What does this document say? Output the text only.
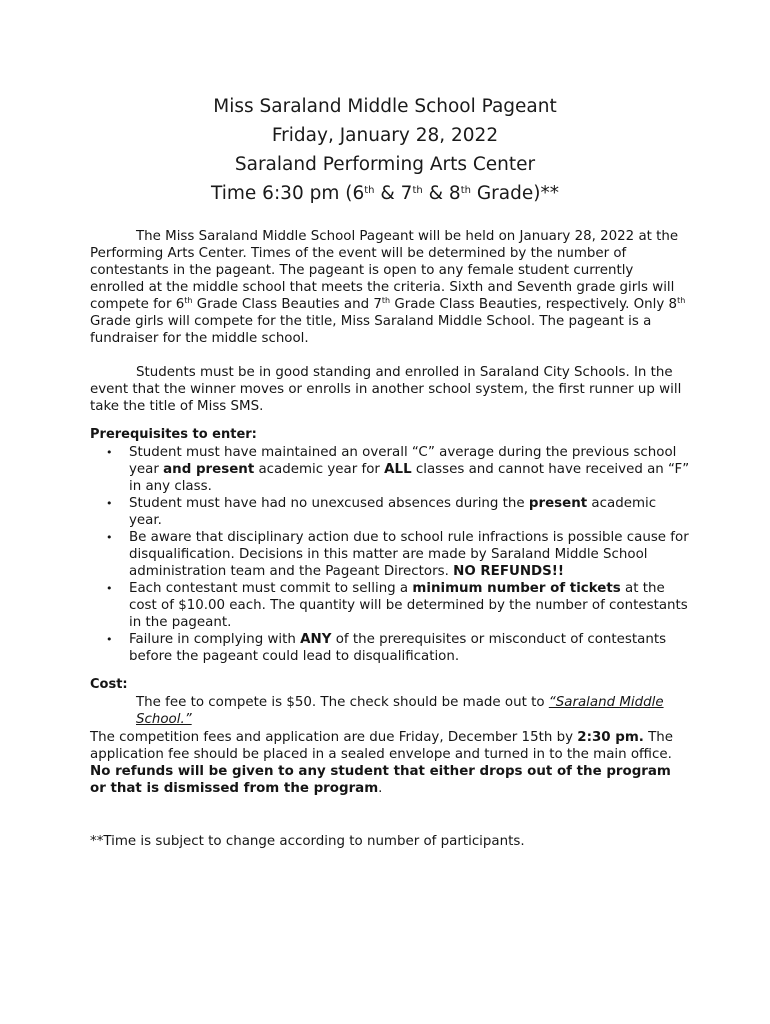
Miss Saraland Middle School Pageant
Friday, January 28, 2022
Saraland Performing Arts Center
Time 6:30 pm (6th & 7th & 8th Grade)**

The Miss Saraland Middle School Pageant will be held on January 28, 2022 at the Performing Arts Center. Times of the event will be determined by the number of contestants in the pageant. The pageant is open to any female student currently enrolled at the middle school that meets the criteria. Sixth and Seventh grade girls will compete for 6th Grade Class Beauties and 7th Grade Class Beauties, respectively. Only 8th Grade girls will compete for the title, Miss Saraland Middle School. The pageant is a fundraiser for the middle school.

Students must be in good standing and enrolled in Saraland City Schools. In the event that the winner moves or enrolls in another school system, the first runner up will take the title of Miss SMS.

Prerequisites to enter:
• Student must have maintained an overall “C” average during the previous school year and present academic year for ALL classes and cannot have received an “F” in any class.
• Student must have had no unexcused absences during the present academic year.
• Be aware that disciplinary action due to school rule infractions is possible cause for disqualification. Decisions in this matter are made by Saraland Middle School administration team and the Pageant Directors. NO REFUNDS!!
• Each contestant must commit to selling a minimum number of tickets at the cost of $10.00 each. The quantity will be determined by the number of contestants in the pageant.
• Failure in complying with ANY of the prerequisites or misconduct of contestants before the pageant could lead to disqualification.
Cost:
The fee to compete is $50. The check should be made out to “Saraland Middle School.”
The competition fees and application are due Friday, December 15th by 2:30 pm. The application fee should be placed in a sealed envelope and turned in to the main office. No refunds will be given to any student that either drops out of the program or that is dismissed from the program.
**Time is subject to change according to number of participants.
